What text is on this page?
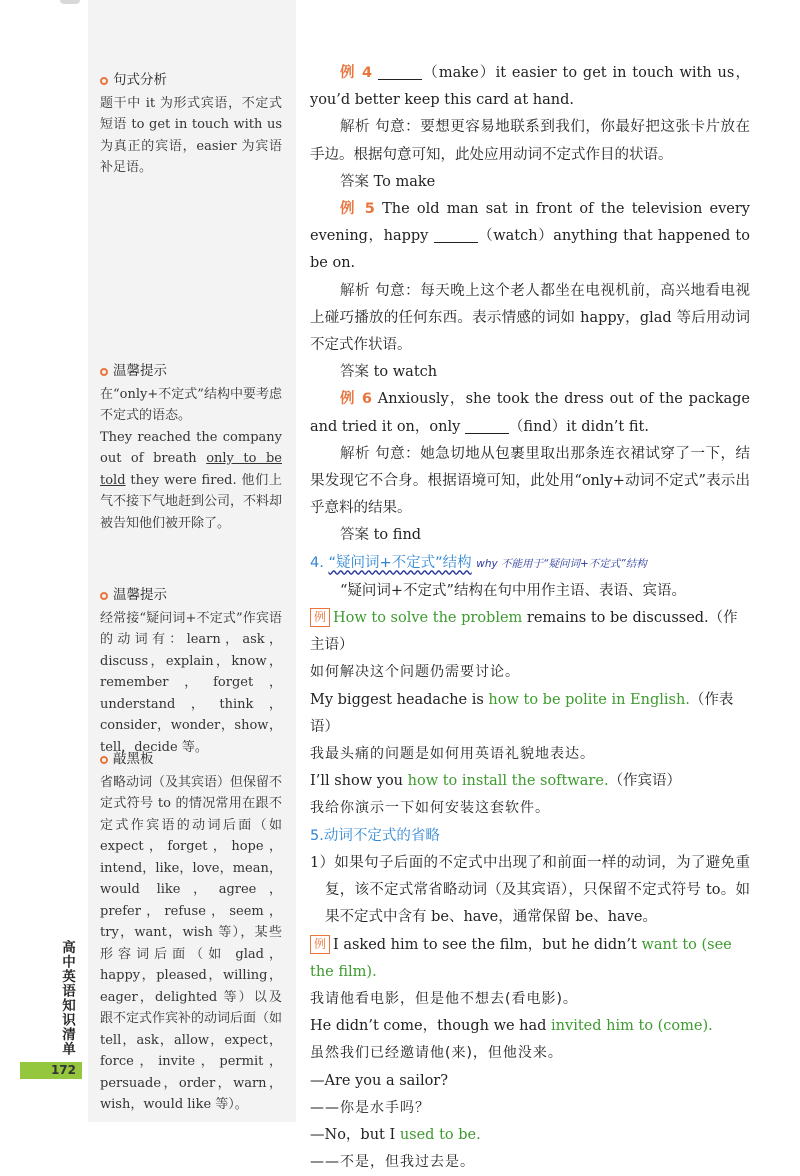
句式分析
题干中 it 为形式宾语，不定式短语 to get in touch with us 为真正的宾语，easier 为宾语补足语。
温馨提示
在“only+不定式”结构中要考虑不定式的语态。
They reached the company out of breath only to be told they were fired. 他们上气不接下气地赶到公司，不料却被告知他们被开除了。
温馨提示
经常接“疑问词+不定式”作宾语的动词有：learn，ask，discuss，explain，know，remember，forget，understand，think，consider，wonder，show，tell，decide 等。
敲黑板
省略动词（及其宾语）但保留不定式符号 to 的情况常用在跟不定式作宾语的动词后面（如 expect，forget，hope，intend，like，love，mean，would like，agree，prefer，refuse，seem，try，want，wish 等），某些形容词后面（如 glad，happy，pleased，willing，eager，delighted 等）以及跟不定式作宾补的动词后面（如 tell，ask，allow，expect，force，invite，permit，persuade，order，warn，wish，would like 等）。
高中英语知识清单
172

例 4	（make）it easier to get in touch with us，you’d better keep this card at hand.

解析 句意：要想更容易地联系到我们，你最好把这张卡片放在手边。根据句意可知，此处应用动词不定式作目的状语。

答案 To make

例 5 The old man sat in front of the television every evening，happy	（watch）anything that happened to be on.

解析 句意：每天晚上这个老人都坐在电视机前，高兴地看电视上碰巧播放的任何东西。表示情感的词如 happy，glad 等后用动词不定式作状语。

答案 to watch

例 6 Anxiously，she took the dress out of the package and tried it on，only	（find）it didn’t fit.

解析 句意：她急切地从包裹里取出那条连衣裙试穿了一下，结果发现它不合身。根据语境可知，此处用“only+动词不定式”表示出乎意料的结果。

答案 to find

4. “疑问词+不定式”结构 why 不能用于“疑问词+不定式”结构

“疑问词+不定式”结构在句中用作主语、表语、宾语。

例 How to solve the problem remains to be discussed.（作主语）

如何解决这个问题仍需要讨论。

My biggest headache is how to be polite in English.（作表语）

我最头痛的问题是如何用英语礼貌地表达。

I’ll show you how to install the software.（作宾语）

我给你演示一下如何安装这套软件。

5.动词不定式的省略

1）如果句子后面的不定式中出现了和前面一样的动词，为了避免重复，该不定式常省略动词（及其宾语），只保留不定式符号 to。如果不定式中含有 be、have，通常保留 be、have。

例 I asked him to see the film，but he didn’t want to (see the film).

我请他看电影，但是他不想去(看电影)。

He didn’t come，though we had invited him to (come).

虽然我们已经邀请他(来)，但他没来。

—Are you a sailor?

——你是水手吗？

—No，but I used to be.

——不是，但我过去是。
